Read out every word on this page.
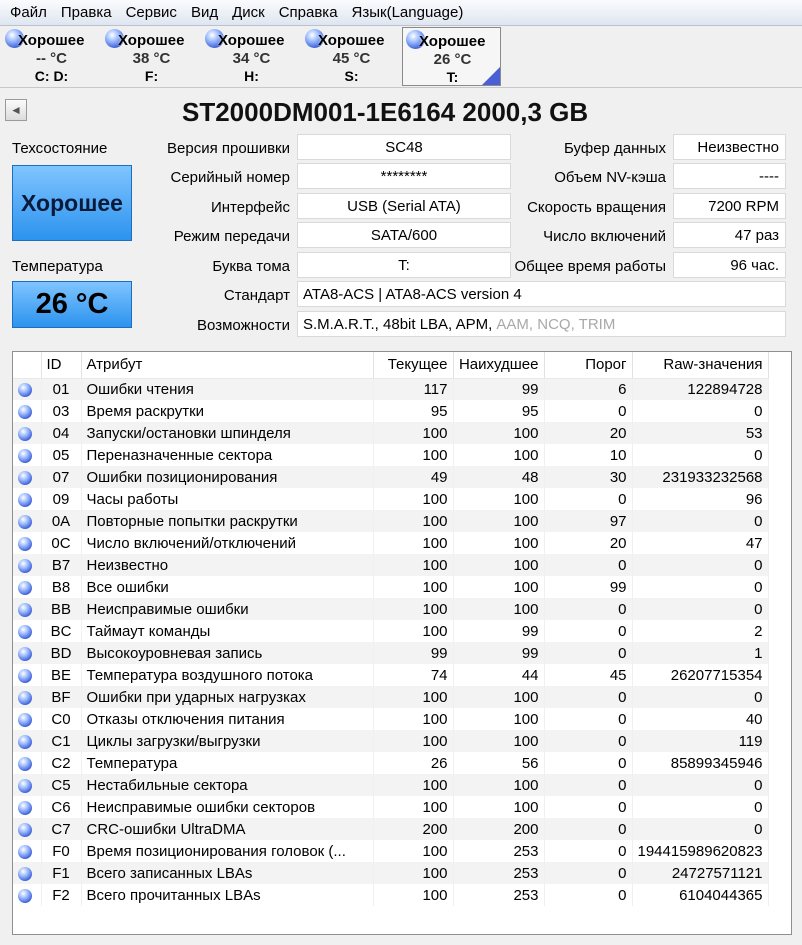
Файл Правка Сервис Вид Диск Справка Язык(Language)
Хорошее
-- °C
C: D:
Хорошее
38 °C
F:
Хорошее
34 °C
H:
Хорошее
45 °C
S:
Хорошее
26 °C
T:
◄	ST2000DM001-1E6164 2000,3 GB
Техсостояние
Хорошее
Температура
26 °C
Версия прошивки	SC48
Серийный номер	********
Интерфейс	USB (Serial ATA)
Режим передачи	SATA/600
Буква тома	T:
Стандарт ATA8-ACS | ATA8-ACS version 4
Возможности S.M.A.R.T., 48bit LBA, APM,
AAM, NCQ, TRIM
Буфер данных	Неизвестно
Объем NV-кэша	----
Скорость вращения	7200 RPM
Число включений	47 раз
Общее время работы	96 час.
	ID	Атрибут	Текущее	Наихудшее	Порог	Raw-значения
	01	Ошибки чтения	117	99	6	122894728
	03	Время раскрутки	95	95	0	0
	04	Запуски/остановки шпинделя	100	100	20	53
	05	Переназначенные сектора	100	100	10	0
	07	Ошибки позиционирования	49	48	30	231933232568
	09	Часы работы	100	100	0	96
	0A	Повторные попытки раскрутки	100	100	97	0
	0C	Число включений/отключений	100	100	20	47
	B7	Неизвестно	100	100	0	0
	B8	Все ошибки	100	100	99	0
	BB	Неисправимые ошибки	100	100	0	0
	BC	Таймаут команды	100	99	0	2
	BD	Высокоуровневая запись	99	99	0	1
	BE	Температура воздушного потока	74	44	45	26207715354
	BF	Ошибки при ударных нагрузках	100	100	0	0
	C0	Отказы отключения питания	100	100	0	40
	C1	Циклы загрузки/выгрузки	100	100	0	119
	C2	Температура	26	56	0	85899345946
	C5	Нестабильные сектора	100	100	0	0
	C6	Неисправимые ошибки секторов	100	100	0	0
	C7	CRC-ошибки UltraDMA	200	200	0	0
	F0	Время позиционирования головок (...	100	253	0	194415989620823
	F1	Всего записанных LBAs	100	253	0	24727571121
	F2	Всего прочитанных LBAs	100	253	0	6104044365
